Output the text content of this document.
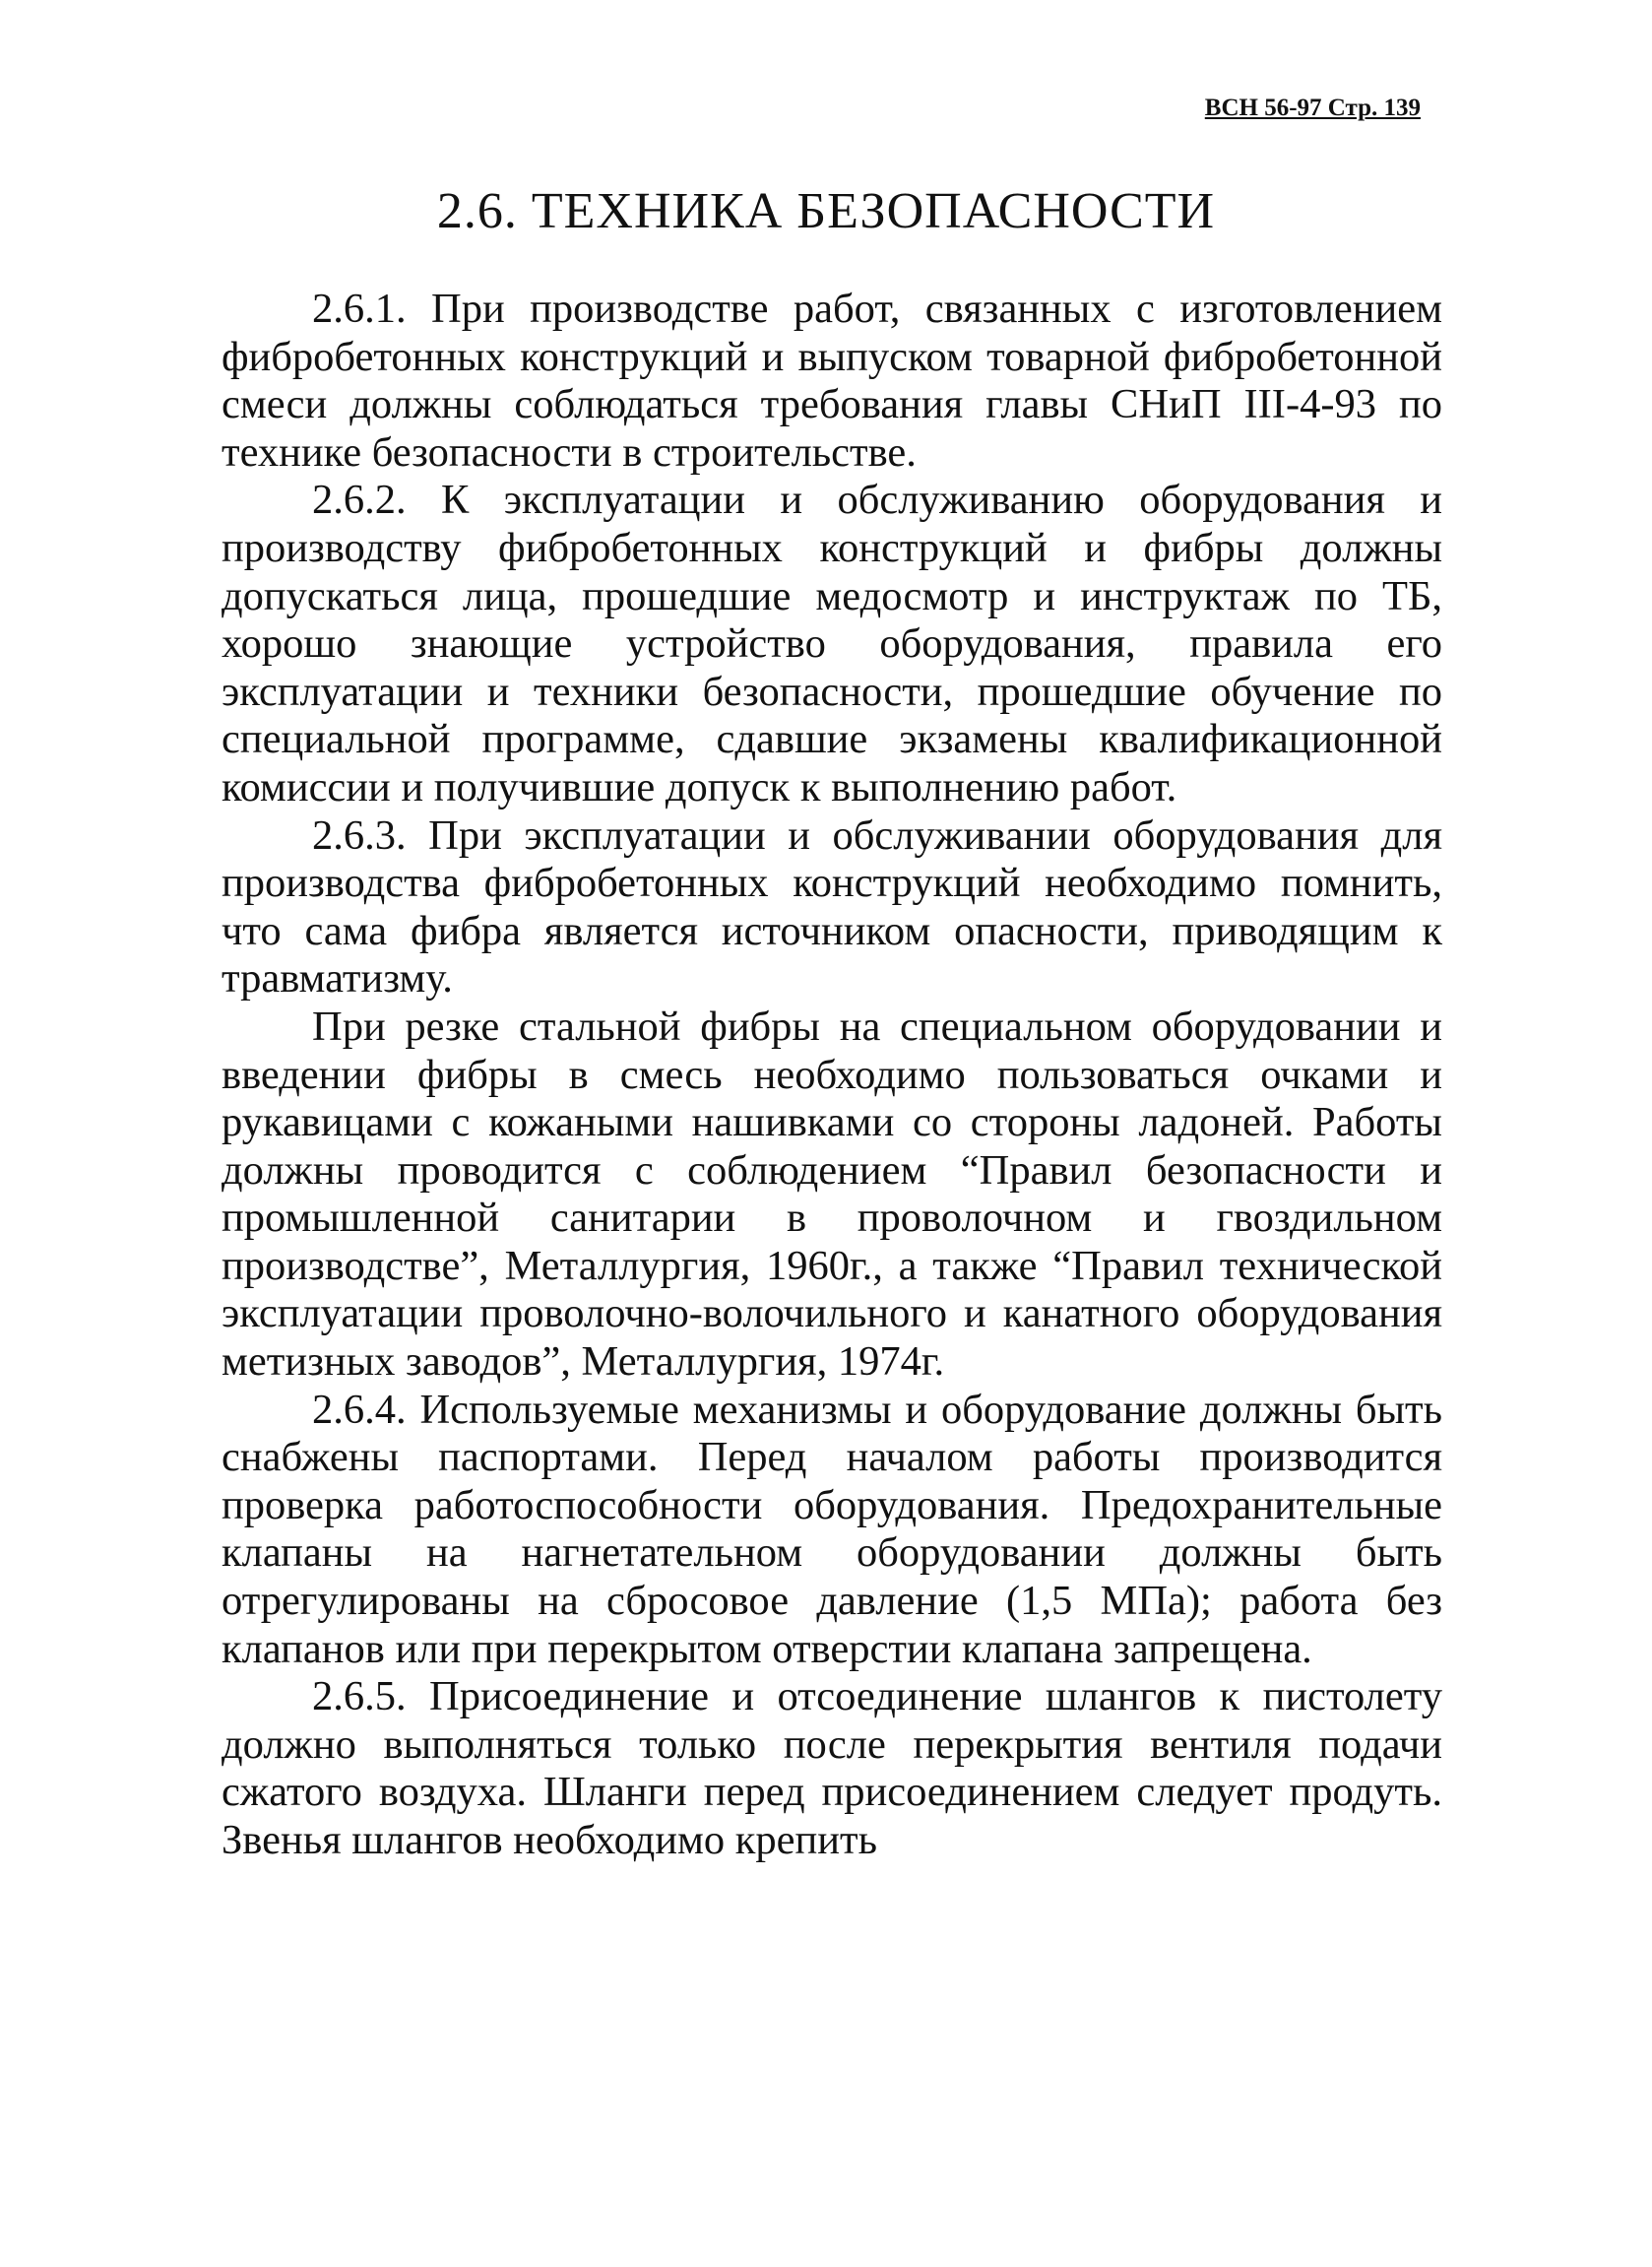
ВСН 56-97 Стр. 139
2.6. ТЕХНИКА БЕЗОПАСНОСТИ

2.6.1. При производстве работ, связанных с изготовлением фибробетонных конструкций и выпуском товарной фибробетонной смеси должны соблюдаться требования главы СНиП III-4-93 по технике безопасности в строительстве.

2.6.2. К эксплуатации и обслуживанию оборудования и производству фибробетонных конструкций и фибры должны допускаться лица, прошедшие медосмотр и инструктаж по ТБ, хорошо знающие устройство оборудования, правила его эксплуатации и техники безопасности, прошедшие обучение по специальной программе, сдавшие экзамены квалификационной комиссии и получившие допуск к выполнению работ.

2.6.3. При эксплуатации и обслуживании оборудования для производства фибробетонных конструкций необходимо помнить, что сама фибра является источником опасности, приводящим к травматизму.

При резке стальной фибры на специальном оборудовании и введении фибры в смесь необходимо пользоваться очками и рукавицами с кожаными нашивками со стороны ладоней. Работы должны проводится с соблюдением “Правил безопасности и промышленной санитарии в проволочном и гвоздильном производстве”, Металлургия, 1960г., а также “Правил технической эксплуатации проволочно-волочильного и канатного оборудования метизных заводов”, Металлургия, 1974г.

2.6.4. Используемые механизмы и оборудование должны быть снабжены паспортами. Перед началом работы производится проверка работоспособности оборудования. Предохранительные клапаны на нагнетательном оборудовании должны быть отрегулированы на сбросовое давление (1,5 МПа); работа без клапанов или при перекрытом отверстии клапана запрещена.

2.6.5. Присоединение и отсоединение шлангов к пистолету должно выполняться только после перекрытия вентиля подачи сжатого воздуха. Шланги перед присоединением следует продуть. Звенья шлангов необходимо крепить
